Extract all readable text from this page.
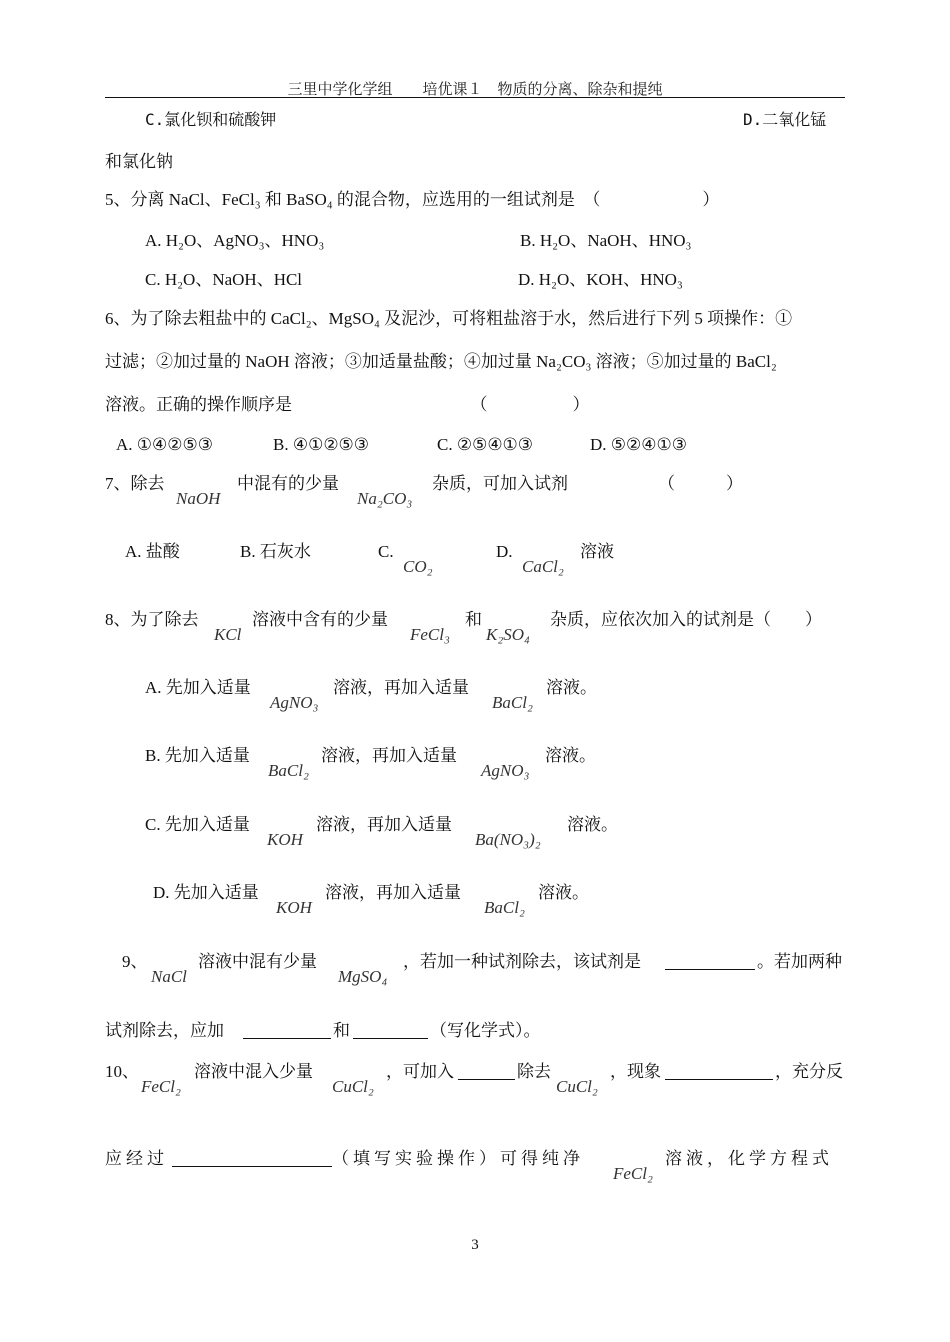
三里中学化学组　　培优课１　物质的分离、除杂和提纯
C.氯化钡和硫酸钾	D.二氧化锰
和氯化钠
5、分离 NaCl、FeCl₃ 和 BaSO₄ 的混合物，应选用的一组试剂是　（　　　　　　）
A. H₂O、AgNO₃、HNO₃	B. H₂O、NaOH、HNO₃
C. H₂O、NaOH、HCl	D. H₂O、KOH、HNO₃
6、为了除去粗盐中的 CaCl₂、MgSO₄ 及泥沙，可将粗盐溶于水，然后进行下列 5 项操作：①
过滤；②加过量的 NaOH 溶液；③加适量盐酸；④加过量 Na₂CO₃ 溶液；⑤加过量的 BaCl₂
溶液。正确的操作顺序是　　　　　　　　　　　（　　　　　）
A. ①④②⑤③	B. ④①②⑤③	C. ②⑤④①③	D. ⑤②④①③
7、除去
NaOH
中混有的少量
Na₂CO₃
杂质，可加入试剂	（　　　）
A. 盐酸	B. 石灰水	C.
CO₂
D.
CaCl₂
溶液
8、为了除去
KCl
溶液中含有的少量
FeCl₃
和
K₂SO₄
杂质，应依次加入的试剂是（　　）
A. 先加入适量
AgNO₃
溶液，再加入适量
BaCl₂
溶液。
B. 先加入适量
BaCl₂
溶液，再加入适量
AgNO₃
溶液。
C. 先加入适量
KOH
溶液，再加入适量
Ba(NO₃)₂
溶液。
D. 先加入适量
KOH
溶液，再加入适量
BaCl₂
溶液。
9、
NaCl
溶液中混有少量
MgSO₄
，若加一种试剂除去，该试剂是	。若加两种
试剂除去，应加	和	（写化学式）。
10、
FeCl₂
溶液中混入少量
CuCl₂
，可加入	除去
CuCl₂
，现象	，充分反
应经过	（填写实验操作）可得纯净
FeCl₂
溶液，化学方程式
3
